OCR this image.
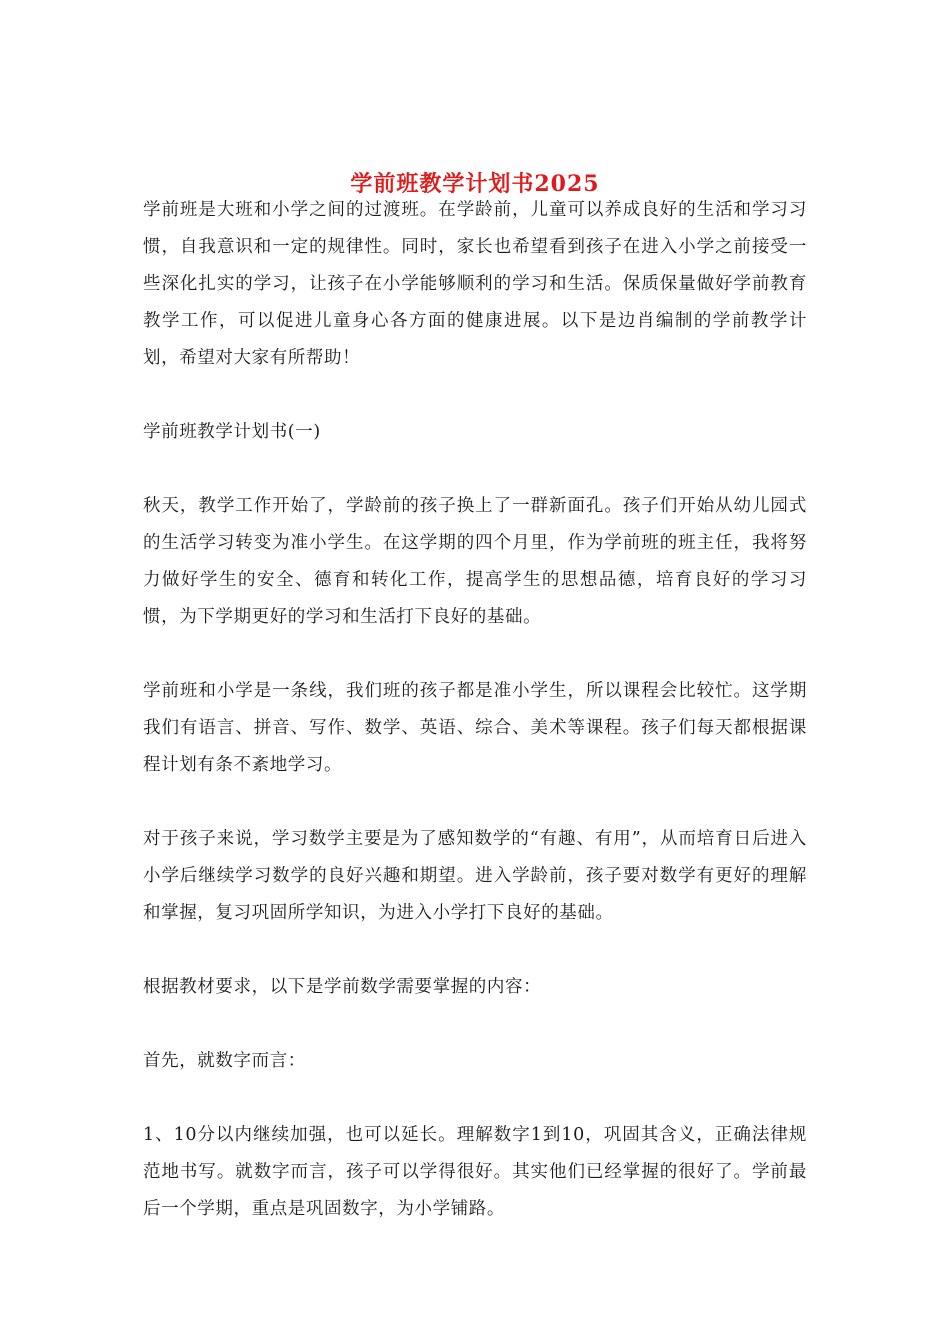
学前班教学计划书2025

学前班是大班和小学之间的过渡班。在学龄前，儿童可以养成良好的生活和学习习惯，自我意识和一定的规律性。同时，家长也希望看到孩子在进入小学之前接受一些深化扎实的学习，让孩子在小学能够顺利的学习和生活。保质保量做好学前教育教学工作，可以促进儿童身心各方面的健康进展。以下是边肖编制的学前教学计划，希望对大家有所帮助！

学前班教学计划书(一)

秋天，教学工作开始了，学龄前的孩子换上了一群新面孔。孩子们开始从幼儿园式的生活学习转变为准小学生。在这学期的四个月里，作为学前班的班主任，我将努力做好学生的安全、德育和转化工作，提高学生的思想品德，培育良好的学习习惯，为下学期更好的学习和生活打下良好的基础。

学前班和小学是一条线，我们班的孩子都是准小学生，所以课程会比较忙。这学期我们有语言、拼音、写作、数学、英语、综合、美术等课程。孩子们每天都根据课程计划有条不紊地学习。

对于孩子来说，学习数学主要是为了感知数学的“有趣、有用”，从而培育日后进入小学后继续学习数学的良好兴趣和期望。进入学龄前，孩子要对数学有更好的理解和掌握，复习巩固所学知识，为进入小学打下良好的基础。

根据教材要求，以下是学前数学需要掌握的内容：

首先，就数字而言：

1、10分以内继续加强，也可以延长。理解数字1到10，巩固其含义，正确法律规范地书写。就数字而言，孩子可以学得很好。其实他们已经掌握的很好了。学前最后一个学期，重点是巩固数字，为小学铺路。
